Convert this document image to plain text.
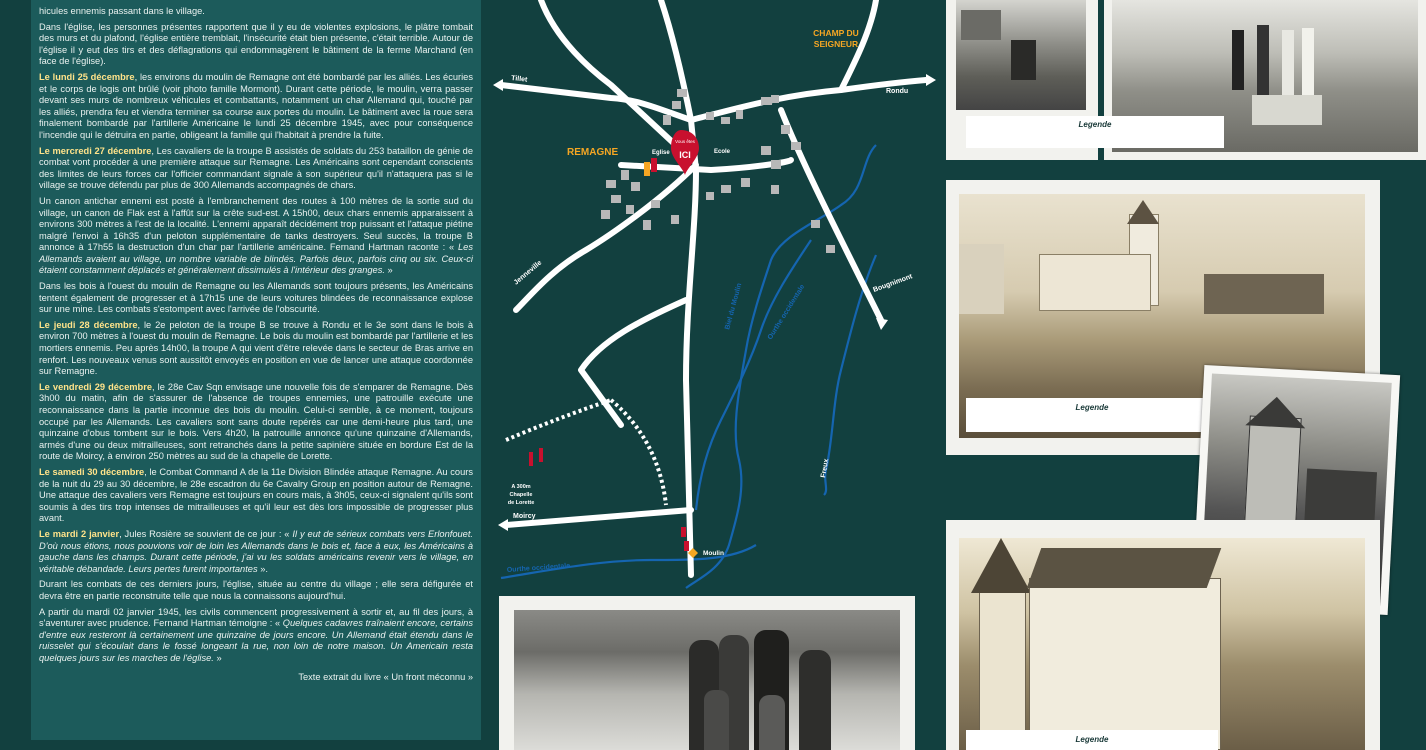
hicules ennemis passant dans le village.

Dans l'église, les personnes présentes rapportent que il y eu de violentes explosions, le plâtre tombait des murs et du plafond, l'église entière tremblait, l'insécurité était bien présente, c'était terrible. Autour de l'église il y eut des tirs et des déflagrations qui endommagèrent le bâtiment de la ferme Marchand (en face de l'église).

Le lundi 25 décembre, les environs du moulin de Remagne ont été bombardé par les alliés. Les écuries et le corps de logis ont brûlé (voir photo famille Mormont). Durant cette période, le moulin, verra passer devant ses murs de nombreux véhicules et combattants, notamment un char Allemand qui, touché par les alliés, prendra feu et viendra terminer sa course aux portes du moulin. Le bâtiment avec la roue sera finalement bombardé par l'artillerie Américaine le lundi 25 décembre 1945, avec pour conséquence l'incendie qui le détruira en partie, obligeant la famille qui l'habitait à prendre la fuite.

Le mercredi 27 décembre, Les cavaliers de la troupe B assistés de soldats du 253 bataillon de génie de combat vont procéder à une première attaque sur Remagne. Les Américains sont cependant conscients des limites de leurs forces car l'officier commandant signale à son supérieur qu'il n'attaquera pas si le village se trouve défendu par plus de 300 Allemands accompagnés de chars.

Un canon antichar ennemi est posté à l'embranchement des routes à 100 mètres de la sortie sud du village, un canon de Flak est à l'affût sur la crête sud-est. A 15h00, deux chars ennemis apparaissent à environs 300 mètres à l'est de la localité. L'ennemi apparaît décidément trop puissant et l'attaque piétine malgré l'envoi à 16h35 d'un peloton supplémentaire de tanks destroyers. Seul succès, la troupe B annonce à 17h55 la destruction d'un char par l'artillerie américaine. Fernand Hartman raconte : « Les Allemands avaient au village, un nombre variable de blindés. Parfois deux, parfois cinq ou six. Ceux-ci étaient constamment déplacés et généralement dissimulés à l'intérieur des granges. »

Dans les bois à l'ouest du moulin de Remagne ou les Allemands sont toujours présents, les Américains tentent également de progresser et à 17h15 une de leurs voitures blindées de reconnaissance explose sur une mine. Les combats s'estompent avec l'arrivée de l'obscurité.

Le jeudi 28 décembre, le 2e peloton de la troupe B se trouve à Rondu et le 3e sont dans le bois à environ 700 mètres à l'ouest du moulin de Remagne. Le bois du moulin est bombardé par l'artillerie et les mortiers ennemis. Peu après 14h00, la troupe A qui vient d'être relevée dans le secteur de Bras arrive en renfort. Les nouveaux venus sont aussitôt envoyés en position en vue de lancer une attaque coordonnée sur Remagne.

Le vendredi 29 décembre, le 28e Cav Sqn envisage une nouvelle fois de s'emparer de Remagne. Dès 3h00 du matin, afin de s'assurer de l'absence de troupes ennemies, une patrouille exécute une reconnaissance dans la partie inconnue des bois du moulin. Celui-ci semble, à ce moment, toujours occupé par les Allemands. Les cavaliers sont sans doute repérés car une demi-heure plus tard, une quinzaine d'obus tombent sur le bois. Vers 4h20, la patrouille annonce qu'une quinzaine d'Allemands, armés d'une ou deux mitrailleuses, sont retranchés dans la petite sapinière située en bordure Est de la route de Moircy, à environ 250 mètres au sud de la chapelle de Lorette.

Le samedi 30 décembre, le Combat Command A de la 11e Division Blindée attaque Remagne. Au cours de la nuit du 29 au 30 décembre, le 28e escadron du 6e Cavalry Group en position autour de Remagne. Une attaque des cavaliers vers Remagne est toujours en cours mais, à 3h05, ceux-ci signalent qu'ils sont soumis à des tirs trop intenses de mitrailleuses et qu'il leur est dès lors impossible de progresser plus avant.

Le mardi 2 janvier, Jules Rosière se souvient de ce jour : « Il y eut de sérieux combats vers Erlonfouet. D'où nous étions, nous pouvions voir de loin les Allemands dans le bois et, face à eux, les Américains à gauche dans les champs. Durant cette période, j'ai vu les soldats américains revenir vers le village, en véritable débandade. Leurs pertes furent importantes ».

Durant les combats de ces derniers jours, l'église, située au centre du village ; elle sera défigurée et devra être en partie reconstruite telle que nous la connaissons aujourd'hui.

A partir du mardi 02 janvier 1945, les civils commencent progressivement à sortir et, au fil des jours, à s'aventurer avec prudence. Fernand Hartman témoigne : « Quelques cadavres traînaient encore, certains d'entre eux resteront là certainement une quinzaine de jours encore. Un Allemand était étendu dans le ruisselet qui s'écoulait dans le fossé longeant la rue, non loin de notre maison. Un Americain resta quelques jours sur les marches de l'église. »

Texte extrait du livre « Un front méconnu »

Vous êtes
ICI
CHAMP DU
SEIGNEUR
REMAGNE	Eglise	Ecole
Moulin
A 300m
Chapelle
de Lorette
Tillet
Rondu
Jenneville	Bougnimont
Moircy
Freux
Biel du Moulin	Ourthe occidentale
Ourthe occidentale
Legende
Legende
Legende
